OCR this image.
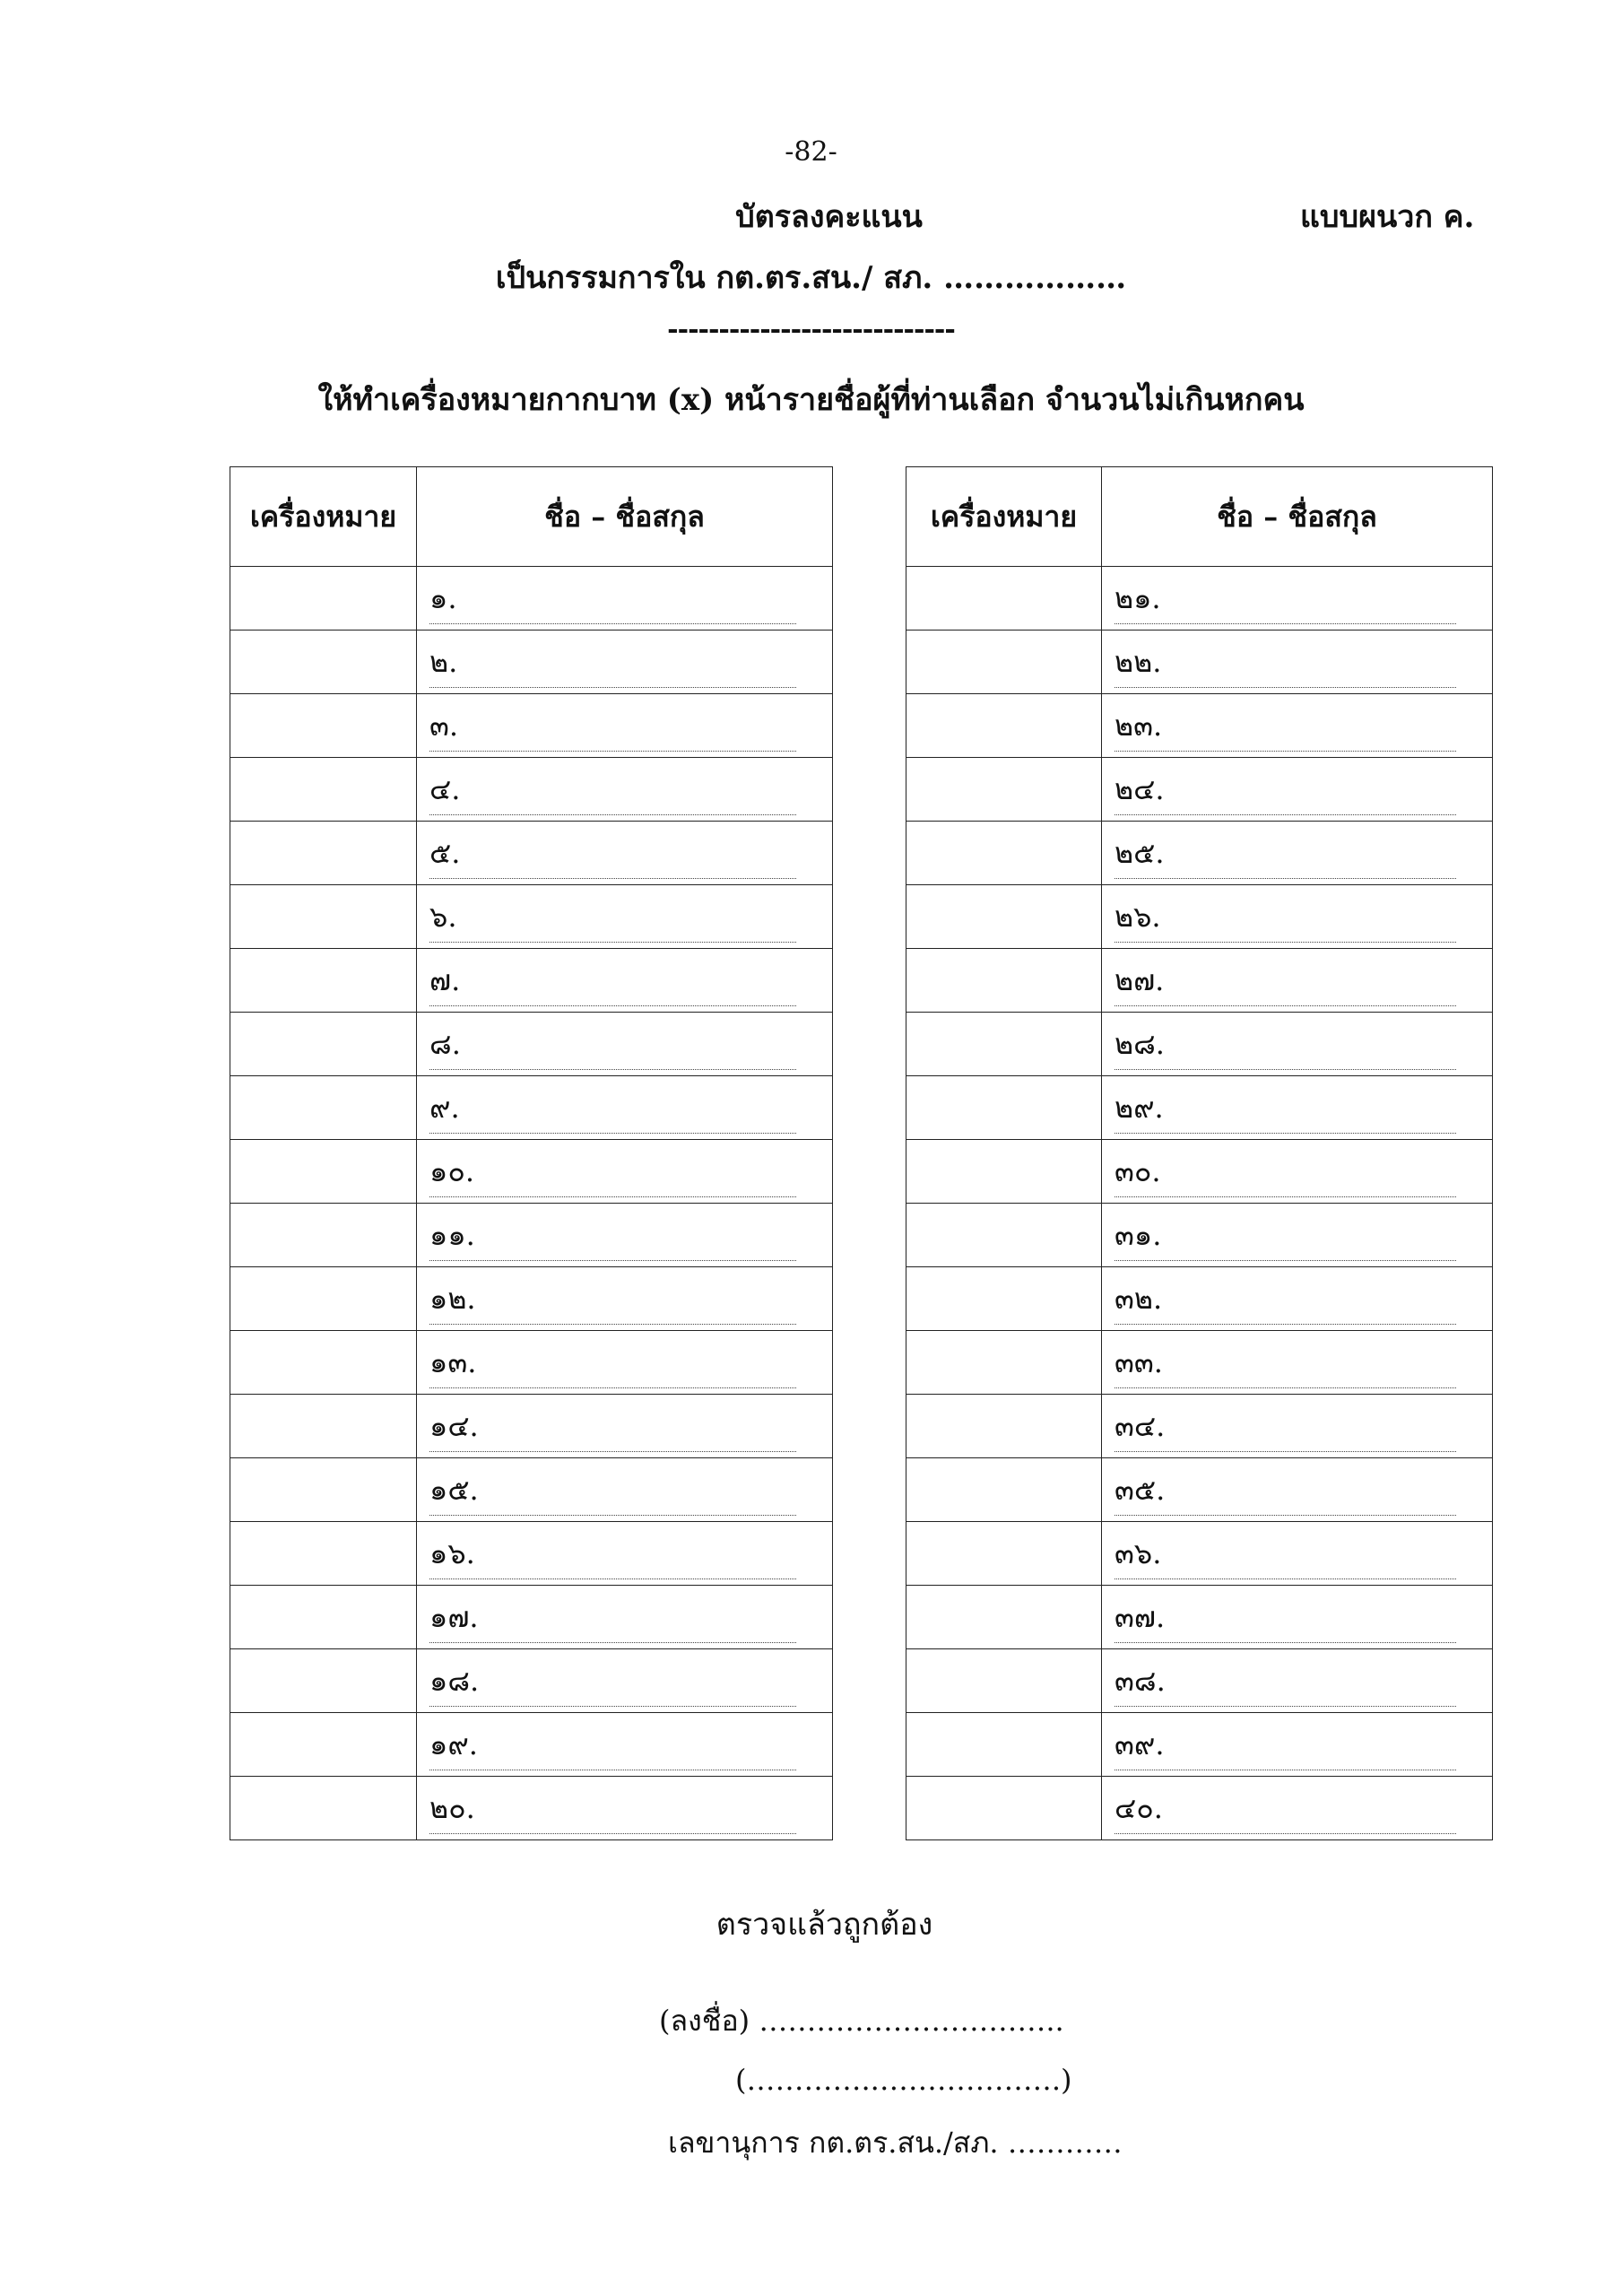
-82-
บัตรลงคะแนน	แบบผนวก ค.
เป็นกรรมการใน กต.ตร.สน./ สภ. ………………
----------------------------
ให้ทำเครื่องหมายกากบาท (x) หน้ารายชื่อผู้ที่ท่านเลือก จำนวนไม่เกินหกคน
เครื่องหมาย	ชื่อ – ชื่อสกุล
	๑.

	๒.

	๓.

	๔.

	๕.

	๖.

	๗.

	๘.

	๙.

	๑๐.

	๑๑.

	๑๒.

	๑๓.

	๑๔.

	๑๕.

	๑๖.

	๑๗.

	๑๘.

	๑๙.

	๒๐.
เครื่องหมาย	ชื่อ – ชื่อสกุล
	๒๑.

	๒๒.

	๒๓.

	๒๔.

	๒๕.

	๒๖.

	๒๗.

	๒๘.

	๒๙.

	๓๐.

	๓๑.

	๓๒.

	๓๓.

	๓๔.

	๓๕.

	๓๖.

	๓๗.

	๓๘.

	๓๙.

	๔๐.
ตรวจแล้วถูกต้อง
(ลงชื่อ) …………………………..
(…………..……………….)
เลขานุการ กต.ตร.สน./สภ. …………
